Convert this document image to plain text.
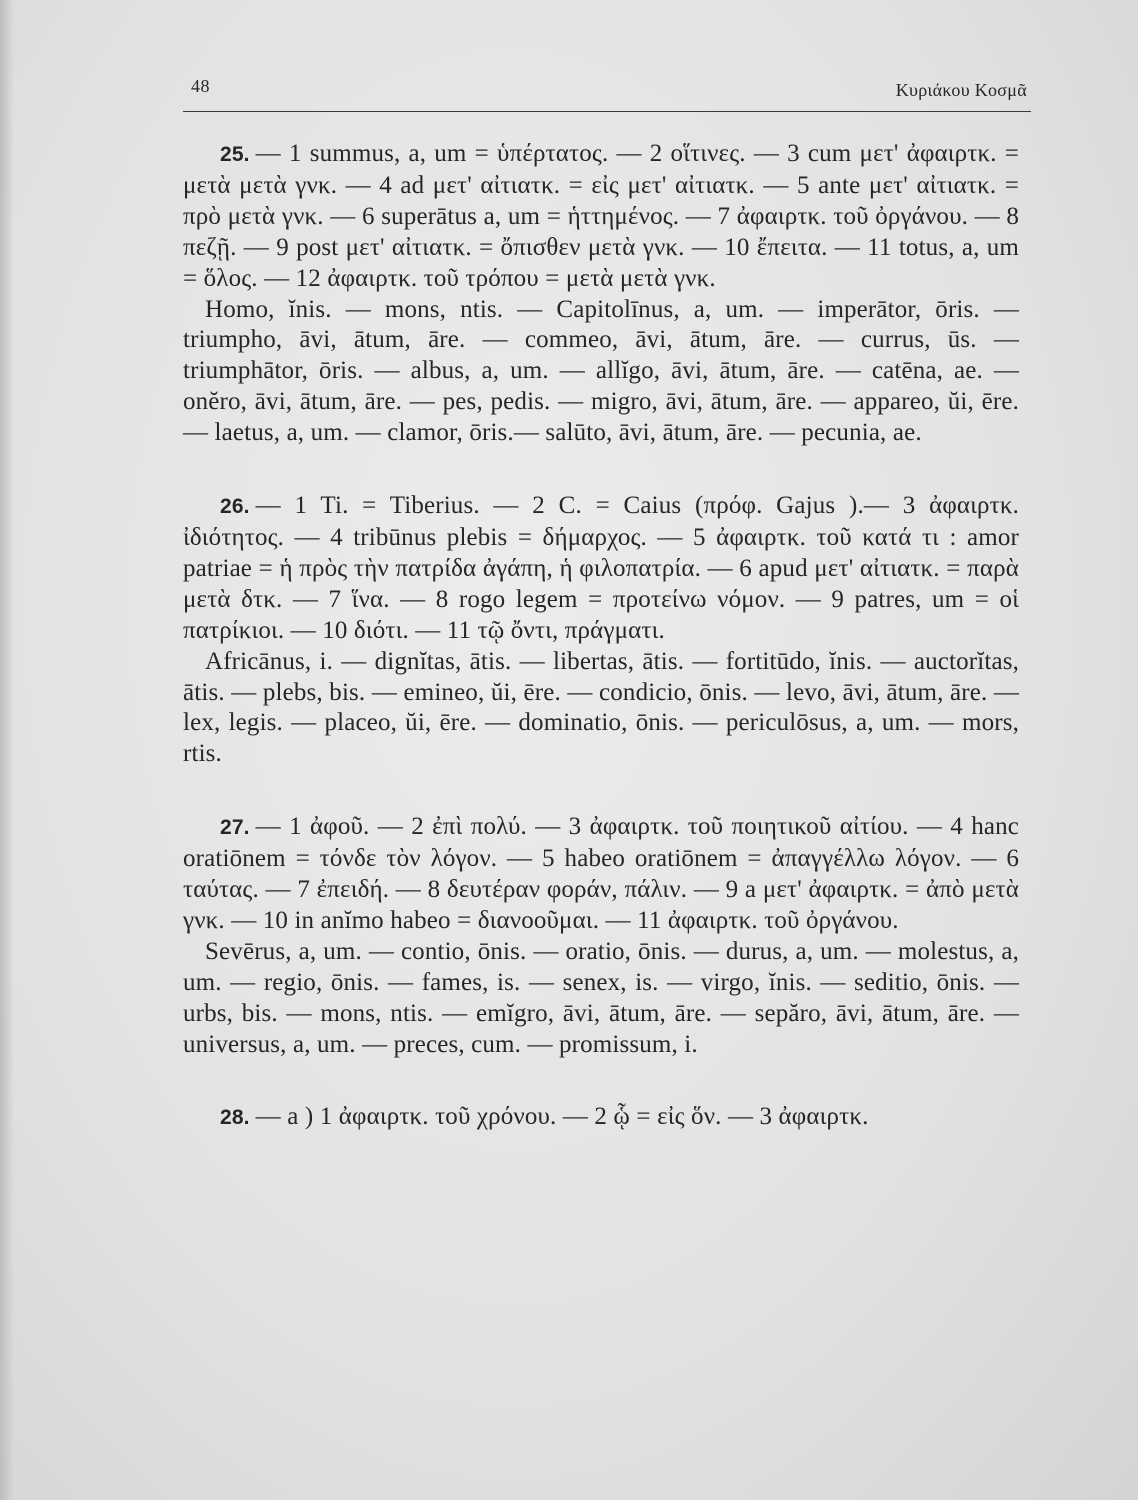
48	Κυριάκου Κοσμᾶ

25. — 1 summus, a, um = ὑπέρτατος. — 2 οἵτινες. — 3 cum μετ' ἀφαιρτκ. = μετὰ μετὰ γνκ. — 4 ad μετ' αἰτιατκ. = εἰς μετ' αἰτιατκ. — 5 ante μετ' αἰτιατκ. = πρὸ μετὰ γνκ. — 6 superātus a, um = ἡττημένος. — 7 ἀφαιρτκ. τοῦ ὀργάνου. — 8 πεζῇ. — 9 post μετ' αἰτιατκ. = ὄπισθεν μετὰ γνκ. — 10 ἔπειτα. — 11 totus, a, um = ὅλος. — 12 ἀφαιρτκ. τοῦ τρόπου = μετὰ μετὰ γνκ.

Homo, ĭnis. — mons, ntis. — Capitolīnus, a, um. — imperātor, ōris. — triumpho, āvi, ātum, āre. — commeo, āvi, ātum, āre. — currus, ūs. — triumphātor, ōris. — albus, a, um. — allĭgo, āvi, ātum, āre. — catēna, ae. — onĕro, āvi, ātum, āre. — pes, pedis. — migro, āvi, ātum, āre. — appareo, ŭi, ēre. — laetus, a, um. — clamor, ōris.— salūto, āvi, ātum, āre. — pecunia, ae.

26. — 1 Ti. = Tiberius. — 2 C. = Caius (πρόφ. Gajus ).— 3 ἀφαιρτκ. ἰδιότητος. — 4 tribūnus plebis = δήμαρχος. — 5 ἀφαιρτκ. τοῦ κατά τι : amor patriae = ἡ πρὸς τὴν πατρίδα ἀγάπη, ἡ φιλοπατρία. — 6 apud μετ' αἰτιατκ. = παρὰ μετὰ δτκ. — 7 ἵνα. — 8 rogo legem = προτείνω νόμον. — 9 patres, um = οἱ πατρίκιοι. — 10 διότι. — 11 τῷ ὄντι, πράγματι.

Africānus, i. — dignĭtas, ātis. — libertas, ātis. — fortitūdo, ĭnis. — auctorĭtas, ātis. — plebs, bis. — emineo, ŭi, ēre. — condicio, ōnis. — levo, āvi, ātum, āre. — lex, legis. — placeo, ŭi, ēre. — dominatio, ōnis. — periculōsus, a, um. — mors, rtis.

27. — 1 ἀφοῦ. — 2 ἐπὶ πολύ. — 3 ἀφαιρτκ. τοῦ ποιητικοῦ αἰτίου. — 4 hanc oratiōnem = τόνδε τὸν λόγον. — 5 habeo oratiōnem = ἀπαγγέλλω λόγον. — 6 ταύτας. — 7 ἐπειδή. — 8 δευτέραν φοράν, πάλιν. — 9 a μετ' ἀφαιρτκ. = ἀπὸ μετὰ γνκ. — 10 in anĭmo habeo = διανοοῦμαι. — 11 ἀφαιρτκ. τοῦ ὀργάνου.

Sevērus, a, um. — contio, ōnis. — oratio, ōnis. — durus, a, um. — molestus, a, um. — regio, ōnis. — fames, is. — senex, is. — virgo, ĭnis. — seditio, ōnis. — urbs, bis. — mons, ntis. — emĭgro, āvi, ātum, āre. — sepăro, āvi, ātum, āre. — universus, a, um. — preces, cum. — promissum, i.

28. — a ) 1 ἀφαιρτκ. τοῦ χρόνου. — 2 ᾧ = εἰς ὅν. — 3 ἀφαιρτκ.
